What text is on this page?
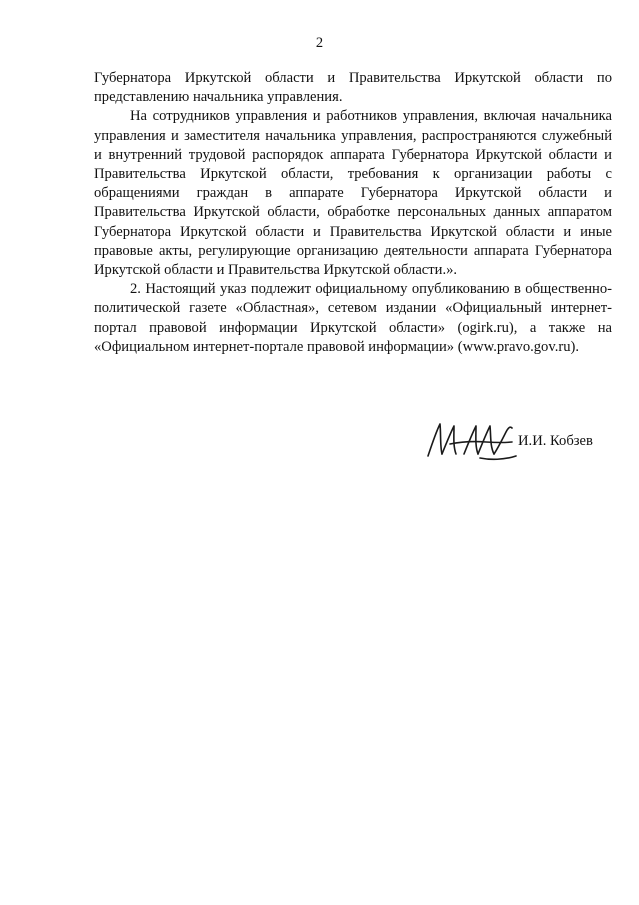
2

Губернатора Иркутской области и Правительства Иркутской области по представлению начальника управления.

На сотрудников управления и работников управления, включая начальника управления и заместителя начальника управления, распространяются служебный и внутренний трудовой распорядок аппарата Губернатора Иркутской области и Правительства Иркутской области, требования к организации работы с обращениями граждан в аппарате Губернатора Иркутской области и Правительства Иркутской области, обработке персональных данных аппаратом Губернатора Иркутской области и Правительства Иркутской области и иные правовые акты, регулирующие организацию деятельности аппарата Губернатора Иркутской области и Правительства Иркутской области.».

2. Настоящий указ подлежит официальному опубликованию в общественно-политической газете «Областная», сетевом издании «Официальный интернет-портал правовой информации Иркутской области» (ogirk.ru), а также на «Официальном интернет-портале правовой информации» (www.pravo.gov.ru).

И.И. Кобзев
